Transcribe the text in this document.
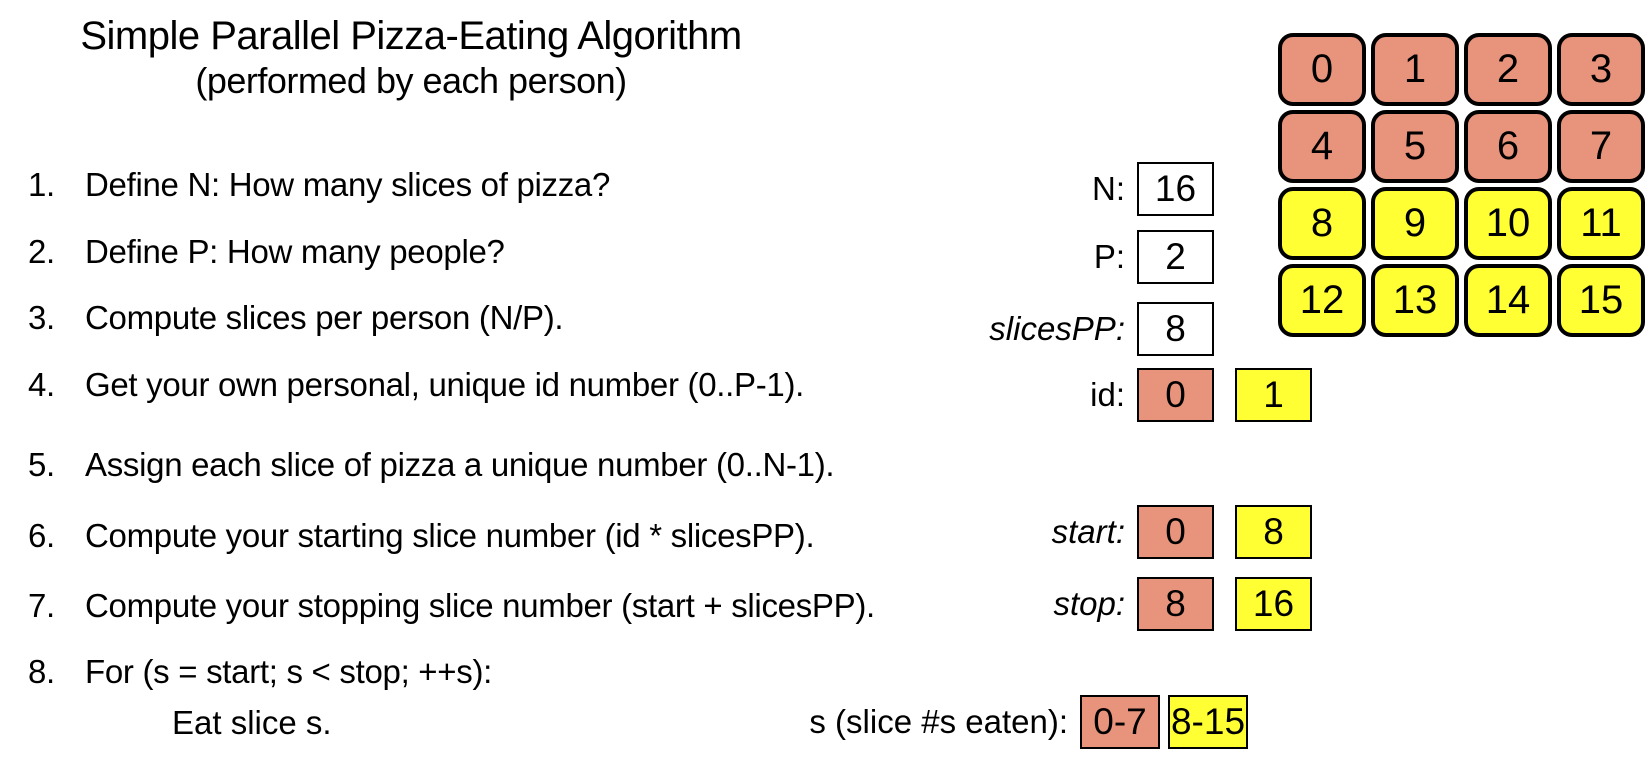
Simple Parallel Pizza-Eating Algorithm
(performed by each person)
1. Define N: How many slices of pizza?
2. Define P: How many people?
3. Compute slices per person (N/P).
4. Get your own personal, unique id number (0..P-1).
5. Assign each slice of pizza a unique number (0..N-1).
6. Compute your starting slice number (id * slicesPP).
7. Compute your stopping slice number (start + slicesPP).
8. For (s = start; s < stop; ++s):
Eat slice s.
N: 16
P:	2
slicesPP:	8
id:	0	1
start:	0	8
stop:	8	16
s (slice #s eaten): 0-7 8-15
0	1	2	3
4	5	6	7
8	9	10	11
12	13	14	15
